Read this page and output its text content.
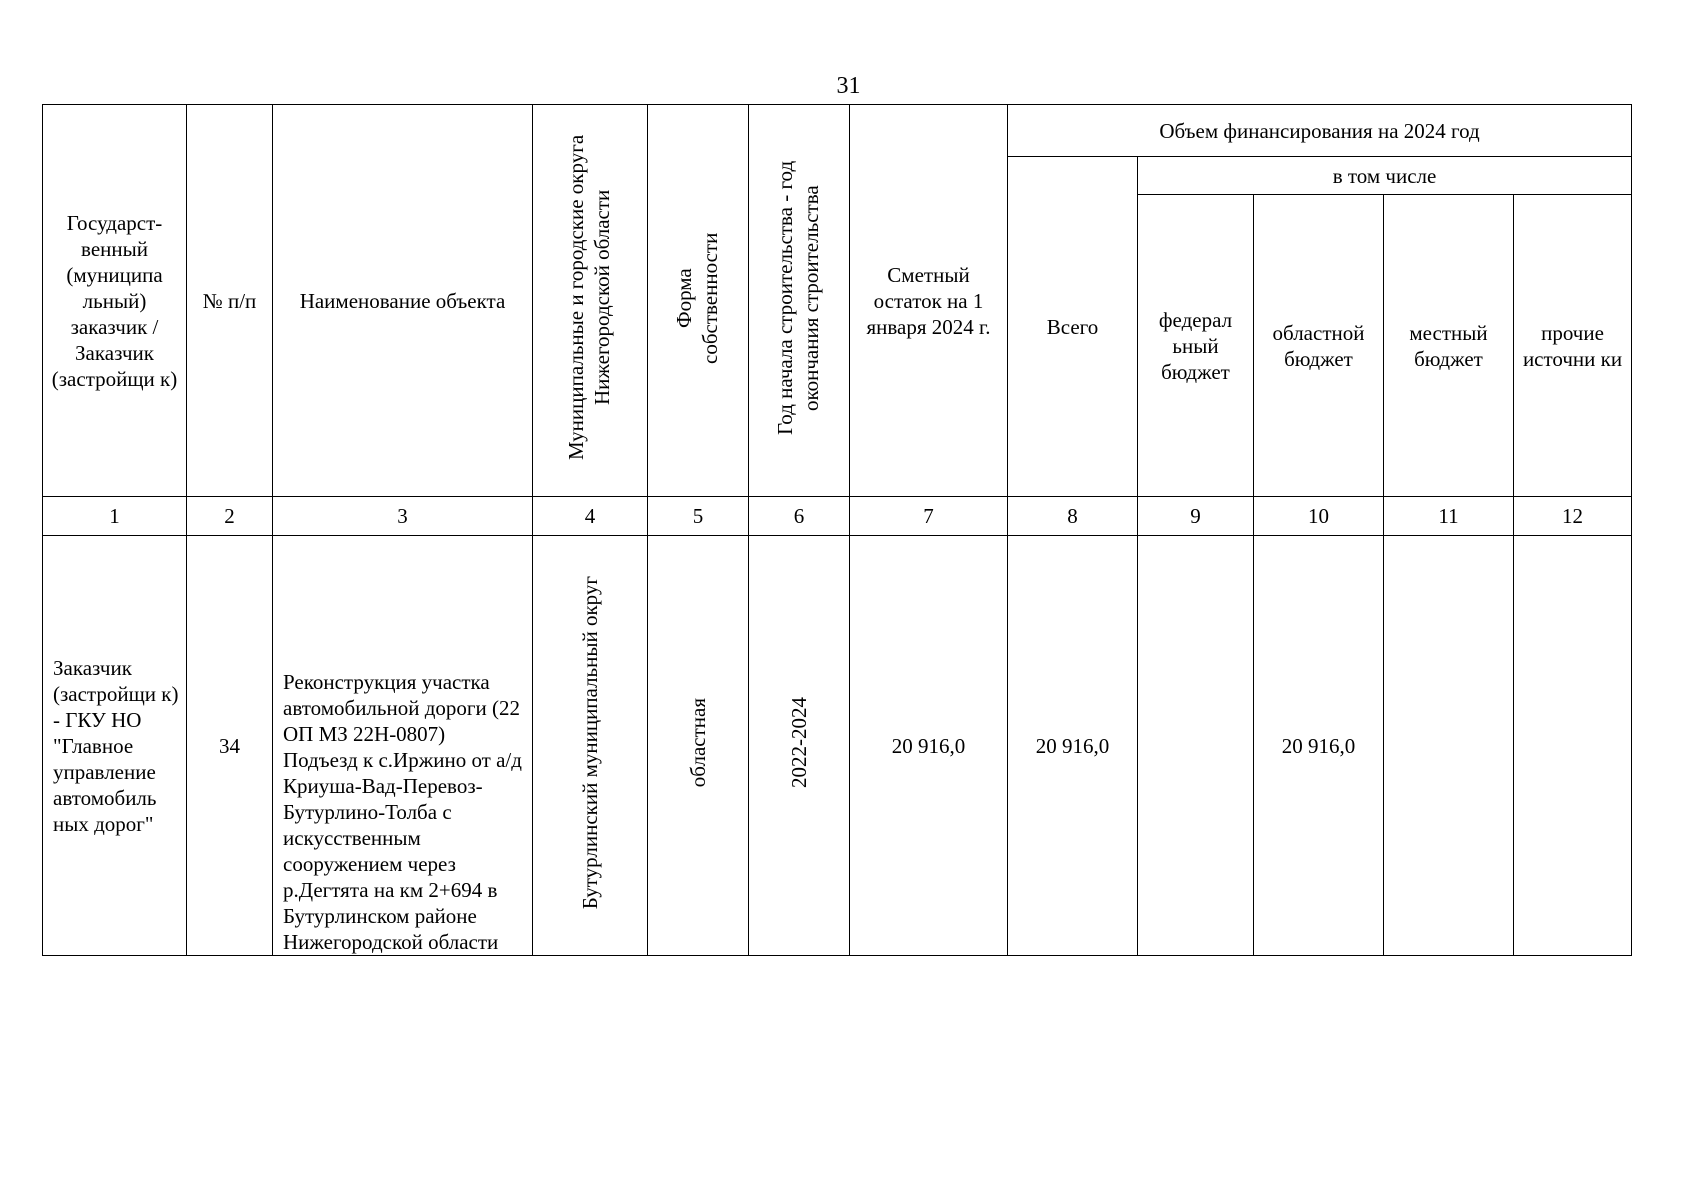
31
Государст-венный (муниципа льный) заказчик / Заказчик (застройщи к)	№ п/п	Наименование объекта	Муниципальные и городские округа Нижегородской области	Форма собственности	Год начала строительства - год окончания строительства	Сметный остаток на 1 января 2024 г.	Объем финансирования на 2024 год				
							Всего	в том числе			
								федерал ьный бюджет	областной бюджет	местный бюджет	прочие источни ки
1	2	3	4	5	6	7	8	9	10	11	12
Заказчик (застройщи к) - ГКУ НО "Главное управление автомобиль ных дорог"	34	Реконструкция участка автомобильной дороги (22 ОП МЗ 22Н-0807) Подъезд к с.Иржино от а/д Криуша-Вад-Перевоз-Бутурлино-Толба с искусственным сооружением через р.Дегтята на км 2+694 в Бутурлинском районе Нижегородской области	Бутурлинский муниципальный округ	областная	2022-2024	20 916,0	20 916,0		20 916,0		
